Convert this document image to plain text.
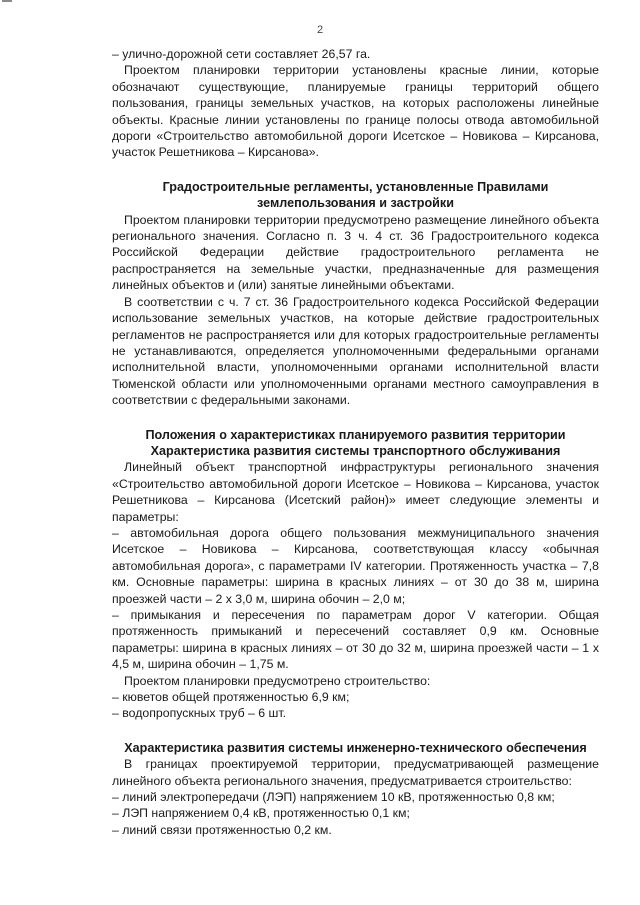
2

– улично-дорожной сети составляет 26,57 га.

Проектом планировки территории установлены красные линии, которые обозначают существующие, планируемые границы территорий общего пользования, границы земельных участков, на которых расположены линейные объекты. Красные линии установлены по границе полосы отвода автомобильной дороги «Строительство автомобильной дороги Исетское – Новикова – Кирсанова, участок Решетникова – Кирсанова».

Градостроительные регламенты, установленные Правилами землепользования и застройки

Проектом планировки территории предусмотрено размещение линейного объекта регионального значения. Согласно п. 3 ч. 4 ст. 36 Градостроительного кодекса Российской Федерации действие градостроительного регламента не распространяется на земельные участки, предназначенные для размещения линейных объектов и (или) занятые линейными объектами.

В соответствии с ч. 7 ст. 36 Градостроительного кодекса Российской Федерации использование земельных участков, на которые действие градостроительных регламентов не распространяется или для которых градостроительные регламенты не устанавливаются, определяется уполномоченными федеральными органами исполнительной власти, уполномоченными органами исполнительной власти Тюменской области или уполномоченными органами местного самоуправления в соответствии с федеральными законами.

Положения о характеристиках планируемого развития территории
Характеристика развития системы транспортного обслуживания

Линейный объект транспортной инфраструктуры регионального значения «Строительство автомобильной дороги Исетское – Новикова – Кирсанова, участок Решетникова – Кирсанова (Исетский район)» имеет следующие элементы и параметры:

– автомобильная дорога общего пользования межмуниципального значения Исетское – Новикова – Кирсанова, соответствующая классу «обычная автомобильная дорога», с параметрами IV категории. Протяженность участка – 7,8 км. Основные параметры: ширина в красных линиях – от 30 до 38 м, ширина проезжей части – 2 х 3,0 м, ширина обочин – 2,0 м;

– примыкания и пересечения по параметрам дорог V категории. Общая протяженность примыканий и пересечений составляет 0,9 км. Основные параметры: ширина в красных линиях – от 30 до 32 м, ширина проезжей части – 1 х 4,5 м, ширина обочин – 1,75 м.

Проектом планировки предусмотрено строительство:

– кюветов общей протяженностью 6,9 км;

– водопропускных труб – 6 шт.

Характеристика развития системы инженерно-технического обеспечения

В границах проектируемой территории, предусматривающей размещение линейного объекта регионального значения, предусматривается строительство:

– линий электропередачи (ЛЭП) напряжением 10 кВ, протяженностью 0,8 км;

– ЛЭП напряжением 0,4 кВ, протяженностью 0,1 км;

– линий связи протяженностью 0,2 км.
